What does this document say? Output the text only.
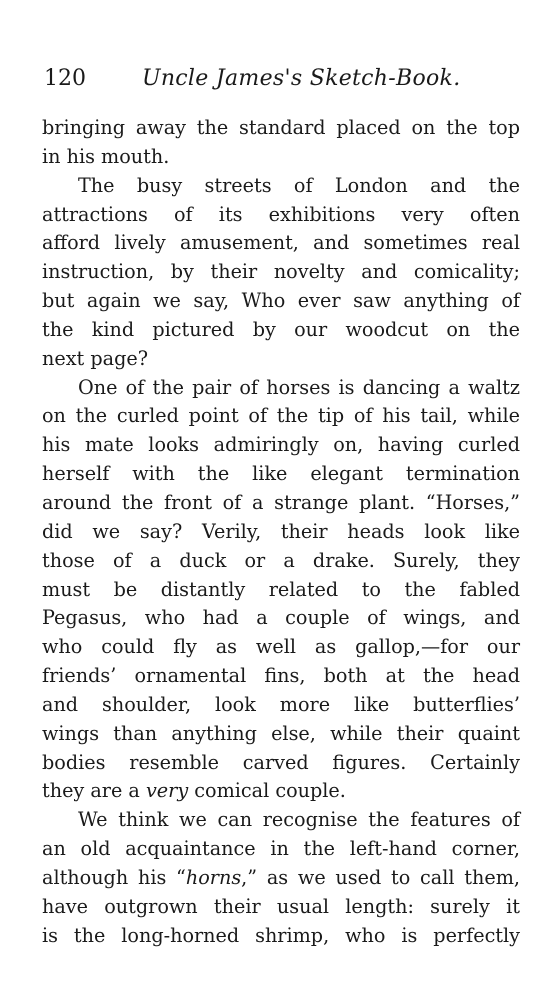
120	Uncle James's Sketch-Book.
bringing away the standard placed on the top
in his mouth.
The busy streets of London and the
attractions of its exhibitions very often
afford lively amusement, and sometimes real
instruction, by their novelty and comicality;
but again we say, Who ever saw anything of
the kind pictured by our woodcut on the
next page?
One of the pair of horses is dancing a waltz
on the curled point of the tip of his tail, while
his mate looks admiringly on, having curled
herself with the like elegant termination
around the front of a strange plant. “Horses,”
did we say? Verily, their heads look like
those of a duck or a drake. Surely, they
must be distantly related to the fabled
Pegasus, who had a couple of wings, and
who could fly as well as gallop,—for our
friends’ ornamental fins, both at the head
and shoulder, look more like butterflies’
wings than anything else, while their quaint
bodies resemble carved figures. Certainly
they are a very comical couple.
We think we can recognise the features of
an old acquaintance in the left-hand corner,
although his “horns,” as we used to call them,
have outgrown their usual length: surely it
is the long-horned shrimp, who is perfectly
